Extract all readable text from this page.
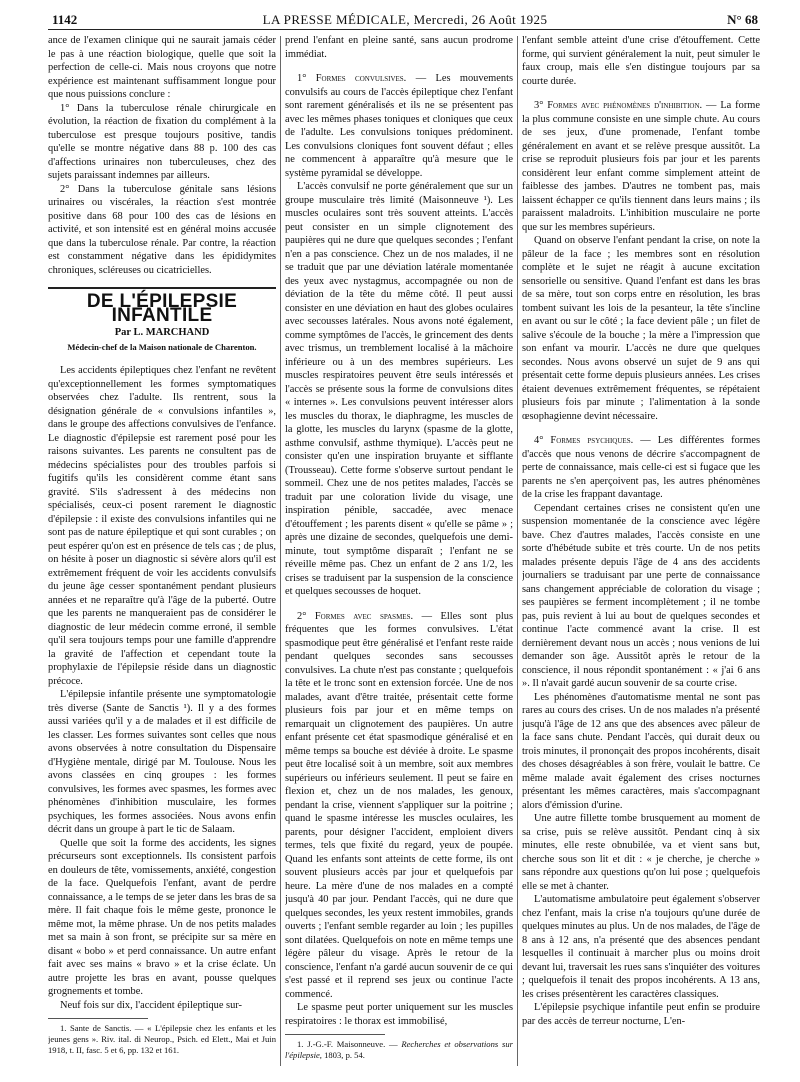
1142	LA PRESSE MÉDICALE, Mercredi, 26 Août 1925	N° 68

ance de l'examen clinique qui ne saurait jamais céder le pas à une réaction biologique, quelle que soit la perfection de celle-ci. Mais nous croyons que notre expérience est maintenant suffisamment longue pour que nous puissions conclure :

1° Dans la tuberculose rénale chirurgicale en évolution, la réaction de fixation du complément à la tuberculose est presque toujours positive, tandis qu'elle se montre négative dans 88 p. 100 des cas d'affections urinaires non tuberculeuses, chez des sujets paraissant indemnes par ailleurs.

2° Dans la tuberculose génitale sans lésions urinaires ou viscérales, la réaction s'est montrée positive dans 68 pour 100 des cas de lésions en activité, et son intensité est en général moins accusée que dans la tuberculose rénale. Par contre, la réaction est constamment négative dans les épididymites chroniques, scléreuses ou cicatricielles.

DE L'ÉPILEPSIE INFANTILE
Par L. MARCHAND
Médecin-chef de la Maison nationale de Charenton.

Les accidents épileptiques chez l'enfant ne revêtent qu'exceptionnellement les formes symptomatiques observées chez l'adulte. Ils rentrent, sous la désignation générale de « convulsions infantiles », dans le groupe des affections convulsives de l'enfance. Le diagnostic d'épilepsie est rarement posé pour les raisons suivantes. Les parents ne consultent pas de médecins spécialistes pour des troubles parfois si fugitifs qu'ils les considèrent comme étant sans gravité. S'ils s'adressent à des médecins non spécialisés, ceux-ci posent rarement le diagnostic d'épilepsie : il existe des convulsions infantiles qui ne sont pas de nature épileptique et qui sont curables ; on peut espérer qu'on est en présence de tels cas ; de plus, on hésite à poser un diagnostic si sévère alors qu'il est extrêmement fréquent de voir les accidents convulsifs du jeune âge cesser spontanément pendant plusieurs années et ne reparaître qu'à l'âge de la puberté. Outre que les parents ne manqueraient pas de considérer le diagnostic de leur médecin comme erroné, il semble qu'il sera toujours temps pour une famille d'apprendre la gravité de l'affection et cependant toute la prophylaxie de l'épilepsie réside dans un diagnostic précoce.

L'épilepsie infantile présente une symptomatologie très diverse (Sante de Sanctis ¹). Il y a des formes aussi variées qu'il y a de malades et il est difficile de les classer. Les formes suivantes sont celles que nous avons observées à notre consultation du Dispensaire d'Hygiène mentale, dirigé par M. Toulouse. Nous les avons classées en cinq groupes : les formes convulsives, les formes avec spasmes, les formes avec phénomènes d'inhibition musculaire, les formes psychiques, les formes associées. Nous avons enfin décrit dans un groupe à part le tic de Salaam.

Quelle que soit la forme des accidents, les signes précurseurs sont exceptionnels. Ils consistent parfois en douleurs de tête, vomissements, anxiété, congestion de la face. Quelquefois l'enfant, avant de perdre connaissance, a le temps de se jeter dans les bras de sa mère. Il fait chaque fois le même geste, prononce le même mot, la même phrase. Un de nos petits malades met sa main à son front, se précipite sur sa mère en disant « bobo » et perd connaissance. Un autre enfant fait avec ses mains « bravo » et la crise éclate. Un autre projette les bras en avant, pousse quelques grognements et tombe.

Neuf fois sur dix, l'accident épileptique sur-

1. Sante de Sanctis. — « L'épilepsie chez les enfants et les jeunes gens ». Riv. ital. di Neurop., Psich. ed Elett., Mai et Juin 1918, t. II, fasc. 5 et 6, pp. 132 et 161.

prend l'enfant en pleine santé, sans aucun prodrome immédiat.

1° Formes convulsives. — Les mouvements convulsifs au cours de l'accès épileptique chez l'enfant sont rarement généralisés et ils ne se présentent pas avec les mêmes phases toniques et cloniques que ceux de l'adulte. Les convulsions toniques prédominent. Les convulsions cloniques font souvent défaut ; elles ne commencent à apparaître qu'à mesure que le système pyramidal se développe.

L'accès convulsif ne porte généralement que sur un groupe musculaire très limité (Maisonneuve ¹). Les muscles oculaires sont très souvent atteints. L'accès peut consister en un simple clignotement des paupières qui ne dure que quelques secondes ; l'enfant n'en a pas conscience. Chez un de nos malades, il ne se traduit que par une déviation latérale momentanée des yeux avec nystagmus, accompagnée ou non de déviation de la tête du même côté. Il peut aussi consister en une déviation en haut des globes oculaires avec secousses latérales. Nous avons noté également, comme symptômes de l'accès, le grincement des dents avec trismus, un tremblement localisé à la mâchoire inférieure ou à un des membres supérieurs. Les muscles respiratoires peuvent être seuls intéressés et l'accès se présente sous la forme de convulsions dites « internes ». Les convulsions peuvent intéresser alors les muscles du thorax, le diaphragme, les muscles de la glotte, les muscles du larynx (spasme de la glotte, asthme convulsif, asthme thymique). L'accès peut ne consister qu'en une inspiration bruyante et sifflante (Trousseau). Cette forme s'observe surtout pendant le sommeil. Chez une de nos petites malades, l'accès se traduit par une coloration livide du visage, une inspiration pénible, saccadée, avec menace d'étouffement ; les parents disent « qu'elle se pâme » ; après une dizaine de secondes, quelquefois une demi-minute, tout symptôme disparaît ; l'enfant ne se réveille même pas. Chez un enfant de 2 ans 1/2, les crises se traduisent par la suspension de la conscience et quelques secousses de hoquet.

2° Formes avec spasmes. — Elles sont plus fréquentes que les formes convulsives. L'état spasmodique peut être généralisé et l'enfant reste raide pendant quelques secondes sans secousses convulsives. La chute n'est pas constante ; quelquefois la tête et le tronc sont en extension forcée. Une de nos malades, avant d'être traitée, présentait cette forme plusieurs fois par jour et en même temps on remarquait un clignotement des paupières. Un autre enfant présente cet état spasmodique généralisé et en même temps sa bouche est déviée à droite. Le spasme peut être localisé soit à un membre, soit aux membres supérieurs ou inférieurs seulement. Il peut se faire en flexion et, chez un de nos malades, les genoux, pendant la crise, viennent s'appliquer sur la poitrine ; quand le spasme intéresse les muscles oculaires, les parents, pour désigner l'accident, emploient divers termes, tels que fixité du regard, yeux de poupée. Quand les enfants sont atteints de cette forme, ils ont souvent plusieurs accès par jour et quelquefois par heure. La mère d'une de nos malades en a compté jusqu'à 40 par jour. Pendant l'accès, qui ne dure que quelques secondes, les yeux restent immobiles, grands ouverts ; l'enfant semble regarder au loin ; les pupilles sont dilatées. Quelquefois on note en même temps une légère pâleur du visage. Après le retour de la conscience, l'enfant n'a gardé aucun souvenir de ce qui s'est passé et il reprend ses jeux ou continue l'acte commencé.

Le spasme peut porter uniquement sur les muscles respiratoires : le thorax est immobilisé,

1. J.-G.-F. Maisonneuve. — Recherches et observations sur l'épilepsie, 1803, p. 54.

l'enfant semble atteint d'une crise d'étouffement. Cette forme, qui survient généralement la nuit, peut simuler le faux croup, mais elle s'en distingue toujours par sa courte durée.

3° Formes avec phénomènes d'inhibition. — La forme la plus commune consiste en une simple chute. Au cours de ses jeux, d'une promenade, l'enfant tombe généralement en avant et se relève presque aussitôt. La crise se reproduit plusieurs fois par jour et les parents considèrent leur enfant comme simplement atteint de faiblesse des jambes. D'autres ne tombent pas, mais laissent échapper ce qu'ils tiennent dans leurs mains ; ils paraissent maladroits. L'inhibition musculaire ne porte que sur les membres supérieurs.

Quand on observe l'enfant pendant la crise, on note la pâleur de la face ; les membres sont en résolution complète et le sujet ne réagit à aucune excitation sensorielle ou sensitive. Quand l'enfant est dans les bras de sa mère, tout son corps entre en résolution, les bras tombent suivant les lois de la pesanteur, la tête s'incline en avant ou sur le côté ; la face devient pâle ; un filet de salive s'écoule de la bouche ; la mère a l'impression que son enfant va mourir. L'accès ne dure que quelques secondes. Nous avons observé un sujet de 9 ans qui présentait cette forme depuis plusieurs années. Les crises étaient devenues extrêmement fréquentes, se répétaient plusieurs fois par minute ; l'alimentation à la sonde œsophagienne devint nécessaire.

4° Formes psychiques. — Les différentes formes d'accès que nous venons de décrire s'accompagnent de perte de connaissance, mais celle-ci est si fugace que les parents ne s'en aperçoivent pas, les autres phénomènes de la crise les frappant davantage.

Cependant certaines crises ne consistent qu'en une suspension momentanée de la conscience avec légère bave. Chez d'autres malades, l'accès consiste en une sorte d'hébétude subite et très courte. Un de nos petits malades présente depuis l'âge de 4 ans des accidents journaliers se traduisant par une perte de connaissance sans changement appréciable de coloration du visage ; ses paupières se ferment incomplètement ; il ne tombe pas, puis revient à lui au bout de quelques secondes et continue l'acte commencé avant la crise. Il est dernièrement devant nous un accès ; nous venions de lui demander son âge. Aussitôt après le retour de la conscience, il nous répondit spontanément : « j'ai 6 ans ». Il n'avait gardé aucun souvenir de sa courte crise.

Les phénomènes d'automatisme mental ne sont pas rares au cours des crises. Un de nos malades n'a présenté jusqu'à l'âge de 12 ans que des absences avec pâleur de la face sans chute. Pendant l'accès, qui durait deux ou trois minutes, il prononçait des propos incohérents, disait des choses désagréables à son frère, voulait le battre. Ce même malade avait également des crises nocturnes présentant les mêmes caractères, mais s'accompagnant alors d'émission d'urine.

Une autre fillette tombe brusquement au moment de sa crise, puis se relève aussitôt. Pendant cinq à six minutes, elle reste obnubilée, va et vient sans but, cherche sous son lit et dit : « je cherche, je cherche » sans répondre aux questions qu'on lui pose ; quelquefois elle se met à chanter.

L'automatisme ambulatoire peut également s'observer chez l'enfant, mais la crise n'a toujours qu'une durée de quelques minutes au plus. Un de nos malades, de l'âge de 8 ans à 12 ans, n'a présenté que des absences pendant lesquelles il continuait à marcher plus ou moins droit devant lui, traversait les rues sans s'inquiéter des voitures ; quelquefois il tenait des propos incohérents. A 13 ans, les crises présentèrent les caractères classiques.

L'épilepsie psychique infantile peut enfin se produire par des accès de terreur nocturne, L'en-
